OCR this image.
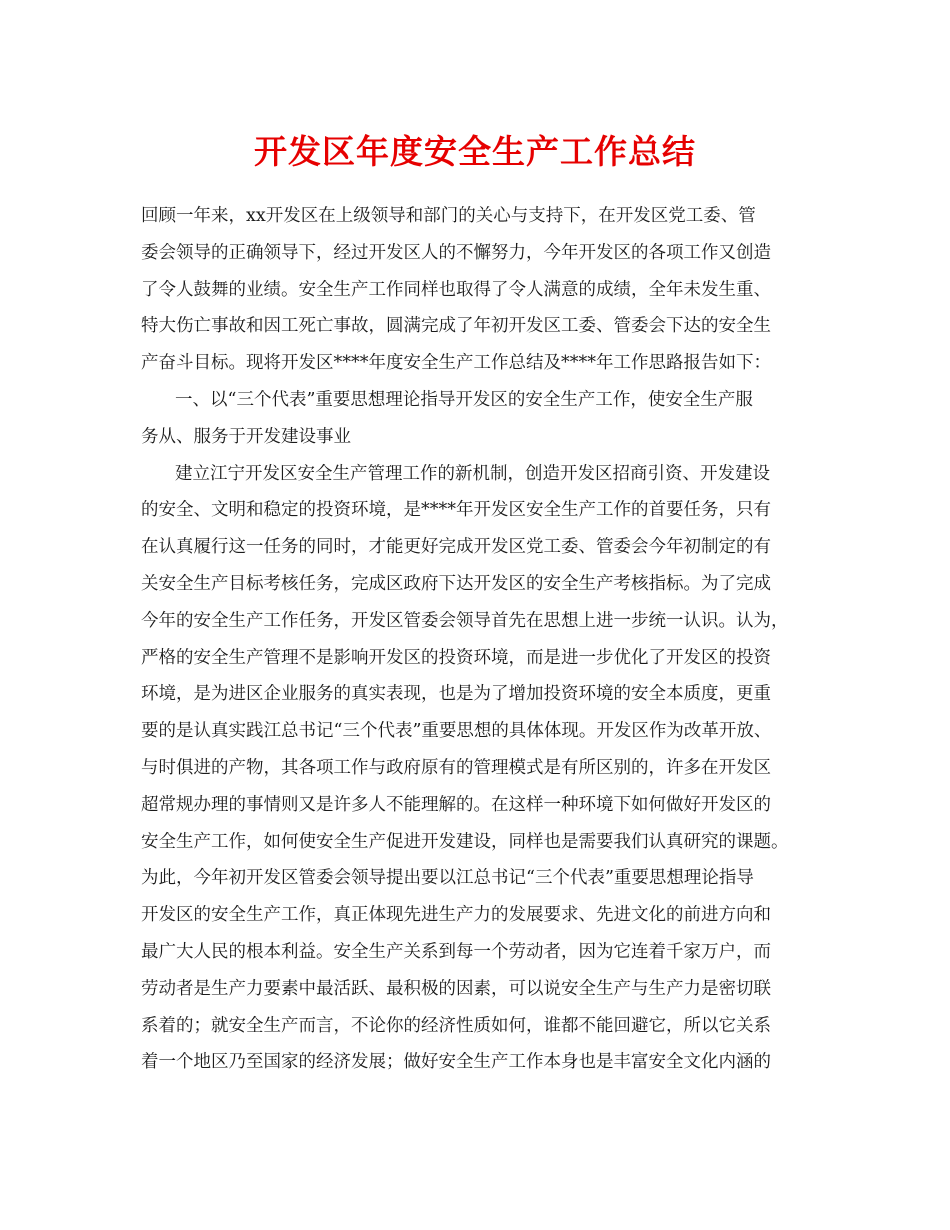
开发区年度安全生产工作总结
回顾一年来，xx开发区在上级领导和部门的关心与支持下，在开发区党工委、管
委会领导的正确领导下，经过开发区人的不懈努力，今年开发区的各项工作又创造
了令人鼓舞的业绩。安全生产工作同样也取得了令人满意的成绩，全年未发生重、
特大伤亡事故和因工死亡事故，圆满完成了年初开发区工委、管委会下达的安全生
产奋斗目标。现将开发区****年度安全生产工作总结及****年工作思路报告如下：
一、以“三个代表”重要思想理论指导开发区的安全生产工作，使安全生产服
务从、服务于开发建设事业
建立江宁开发区安全生产管理工作的新机制，创造开发区招商引资、开发建设
的安全、文明和稳定的投资环境，是****年开发区安全生产工作的首要任务，只有
在认真履行这一任务的同时，才能更好完成开发区党工委、管委会今年初制定的有
关安全生产目标考核任务，完成区政府下达开发区的安全生产考核指标。为了完成
今年的安全生产工作任务，开发区管委会领导首先在思想上进一步统一认识。认为，
严格的安全生产管理不是影响开发区的投资环境，而是进一步优化了开发区的投资
环境，是为进区企业服务的真实表现，也是为了增加投资环境的安全本质度，更重
要的是认真实践江总书记“三个代表”重要思想的具体体现。开发区作为改革开放、
与时俱进的产物，其各项工作与政府原有的管理模式是有所区别的，许多在开发区
超常规办理的事情则又是许多人不能理解的。在这样一种环境下如何做好开发区的
安全生产工作，如何使安全生产促进开发建设，同样也是需要我们认真研究的课题。
为此，今年初开发区管委会领导提出要以江总书记“三个代表”重要思想理论指导
开发区的安全生产工作，真正体现先进生产力的发展要求、先进文化的前进方向和
最广大人民的根本利益。安全生产关系到每一个劳动者，因为它连着千家万户，而
劳动者是生产力要素中最活跃、最积极的因素，可以说安全生产与生产力是密切联
系着的；就安全生产而言，不论你的经济性质如何，谁都不能回避它，所以它关系
着一个地区乃至国家的经济发展；做好安全生产工作本身也是丰富安全文化内涵的
